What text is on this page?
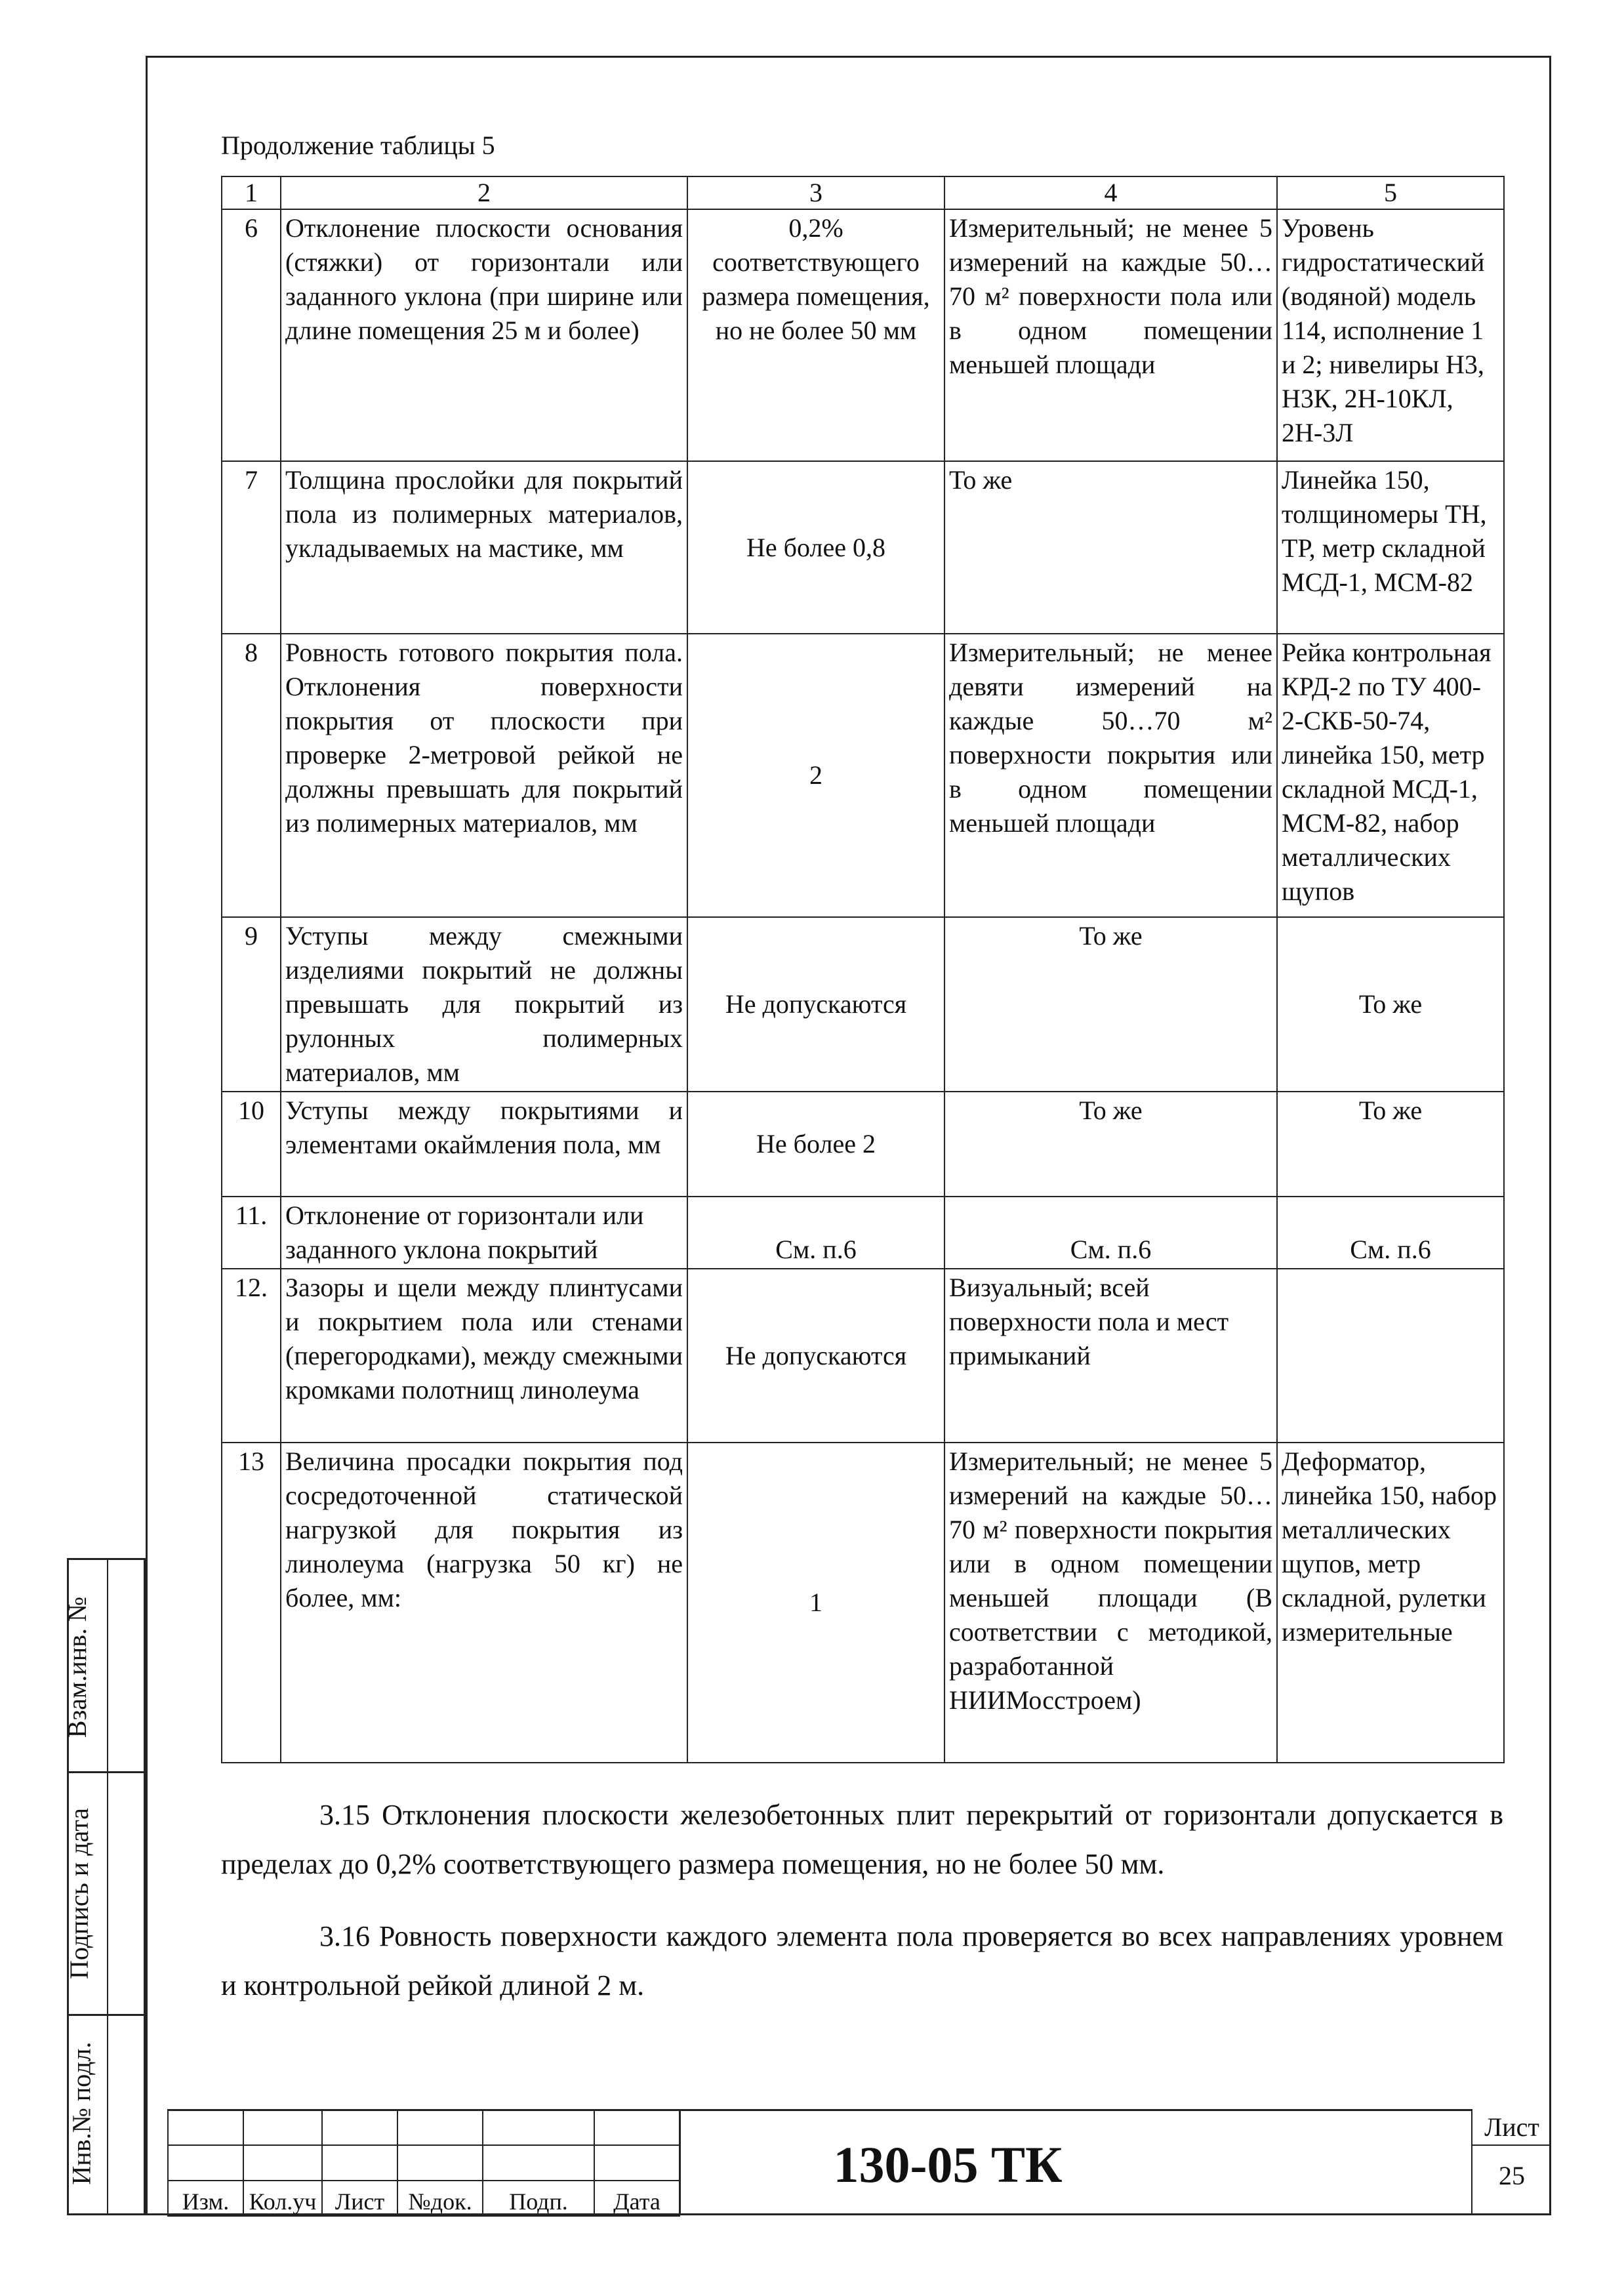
Продолжение таблицы 5
1	2	3	4	5
6	Отклонение плоскости основания (стяжки) от горизонтали или заданного уклона (при ширине или длине помещения 25 м и более)	0,2% соответствующего размера помещения, но не более 50 мм	Измерительный; не менее 5 измерений на каждые 50…70 м² поверхности пола или в одном помещении меньшей площади	Уровень гидростатический (водяной) модель 114, исполнение 1 и 2; нивелиры Н3, Н3К, 2Н-10КЛ, 2Н-3Л
7	Толщина прослойки для покрытий пола из полимерных материалов, укладываемых на мастике, мм	Не более 0,8	То же	Линейка 150, толщиномеры ТН, ТР, метр складной МСД-1, МСМ-82
8	Ровность готового покрытия пола. Отклонения поверхности покрытия от плоскости при проверке 2-метровой рейкой не должны превышать для покрытий из полимерных материалов, мм	2	Измерительный; не менее девяти измерений на каждые 50…70 м² поверхности покрытия или в одном помещении меньшей площади	Рейка контрольная КРД-2 по ТУ 400-2-СКБ-50-74, линейка 150, метр складной МСД-1, МСМ-82, набор металлических щупов
9	Уступы между смежными изделиями покрытий не должны превышать для покрытий из рулонных полимерных материалов, мм	Не допускаются	То же	То же
10	Уступы между покрытиями и элементами окаймления пола, мм	Не более 2	То же	То же
11.	Отклонение от горизонтали или заданного уклона покрытий	См. п.6	См. п.6	См. п.6
12.	Зазоры и щели между плинтусами и покрытием пола или стенами (перегородками), между смежными кромками полотнищ линолеума	Не допускаются	Визуальный; всей поверхности пола и мест примыканий	
13	Величина просадки покрытия под сосредоточенной статической нагрузкой для покрытия из линолеума (нагрузка 50 кг) не более, мм:	1	Измерительный; не менее 5 измерений на каждые 50…70 м² поверхности покрытия или в одном помещении меньшей площади (В соответствии с методикой, разработанной НИИМосстроем)	Деформатор, линейка 150, набор металлических щупов, метр складной, рулетки измерительные
3.15 Отклонения плоскости железобетонных плит перекрытий от горизонтали допускается в пределах до 0,2% соответствующего размера помещения, но не более 50 мм.
3.16 Ровность поверхности каждого элемента пола проверяется во всех направлениях уровнем и контрольной рейкой длиной 2 м.
Взам.инв. №
Подпись и дата
Инв.№ подл.

Изм.	Кол.уч	Лист	№док.	Подп.	Дата
130-05 ТК
Лист
25
